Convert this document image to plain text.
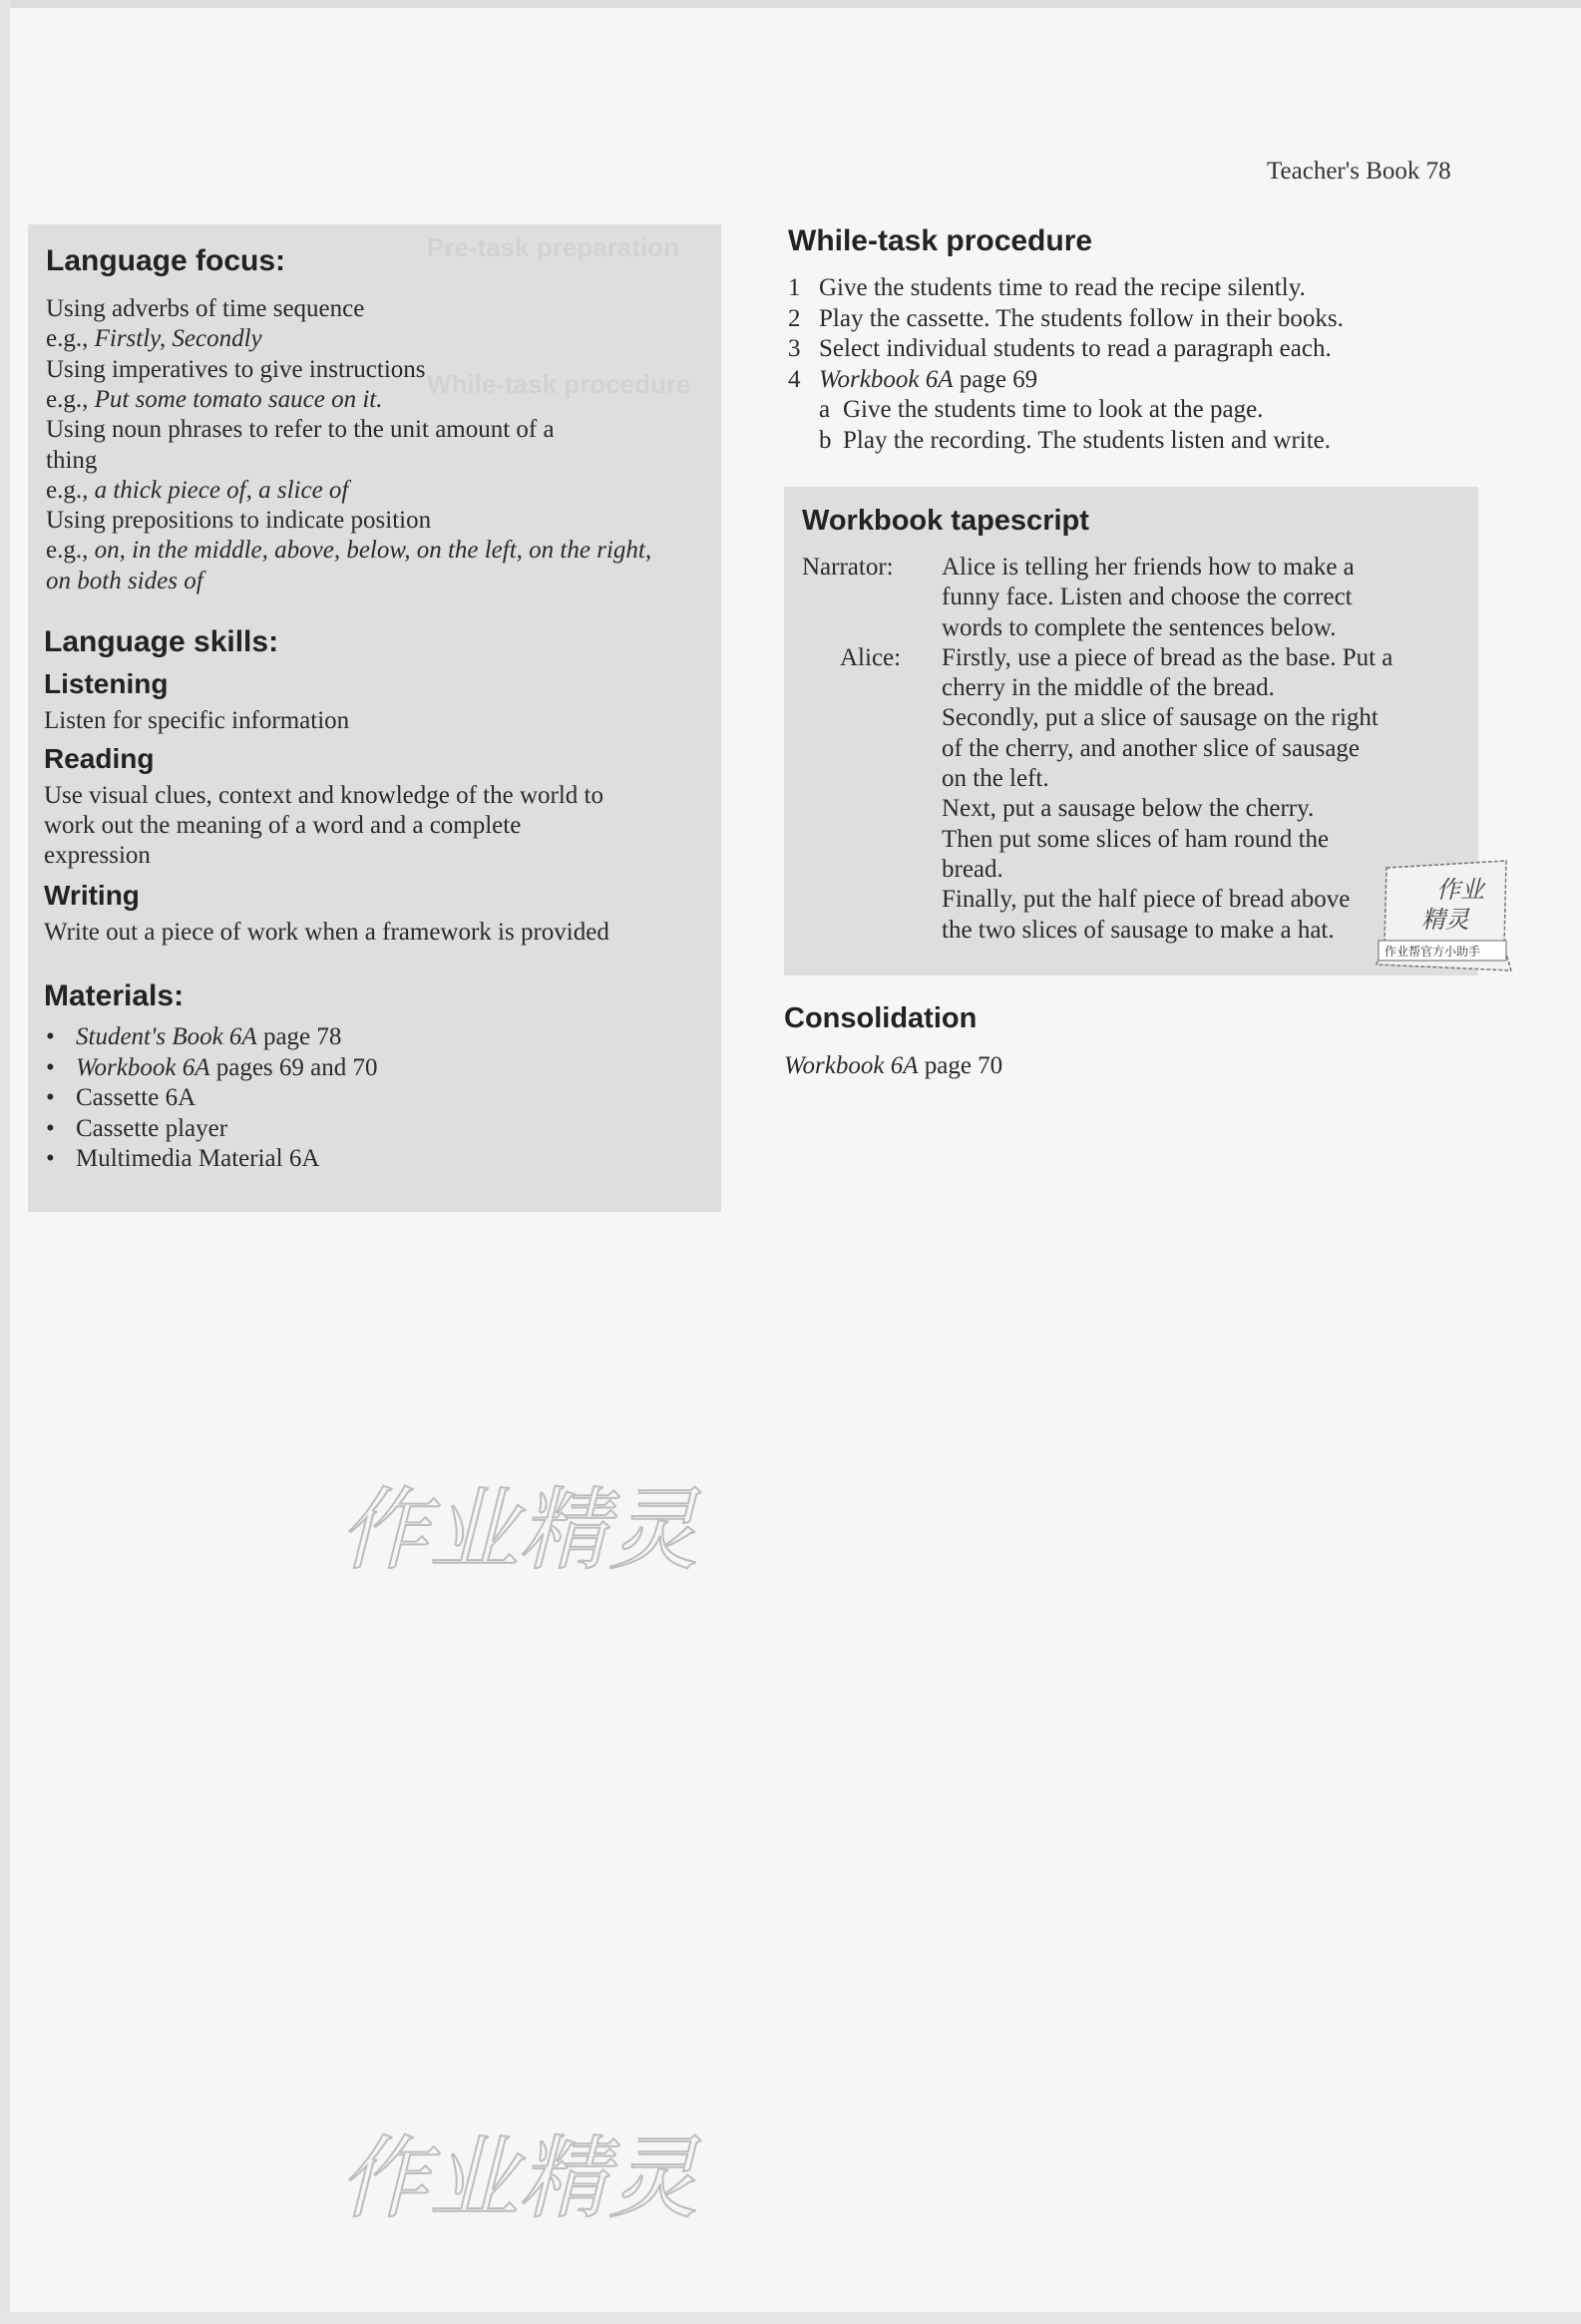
Teacher's Book 78
Pre-task preparation
While-task procedure
Language focus:
Using adverbs of time sequence
e.g., Firstly, Secondly
Using imperatives to give instructions
e.g., Put some tomato sauce on it.
Using noun phrases to refer to the unit amount of a
thing
e.g., a thick piece of, a slice of
Using prepositions to indicate position
e.g., on, in the middle, above, below, on the left, on the right,
on both sides of
Language skills:
Listening
Listen for specific information
Reading
Use visual clues, context and knowledge of the world to
work out the meaning of a word and a complete
expression
Writing
Write out a piece of work when a framework is provided
Materials:
• Student's Book 6A page 78
• Workbook 6A pages 69 and 70
• Cassette 6A
• Cassette player
• Multimedia Material 6A
While-task procedure
1 Give the students time to read the recipe silently.
2 Play the cassette. The students follow in their books.
3 Select individual students to read a paragraph each.
4 Workbook 6A page 69
a Give the students time to look at the page.
b Play the recording. The students listen and write.
Workbook tapescript
Narrator: Alice is telling her friends how to make a
funny face. Listen and choose the correct
words to complete the sentences below.
Alice: Firstly, use a piece of bread as the base. Put a
cherry in the middle of the bread.
Secondly, put a slice of sausage on the right
of the cherry, and another slice of sausage
on the left.
Next, put a sausage below the cherry.
Then put some slices of ham round the
bread.
Finally, put the half piece of bread above
the two slices of sausage to make a hat.
Consolidation
Workbook 6A page 70
作业
精灵
作业帮官方小助手
作业精灵
作业精灵
